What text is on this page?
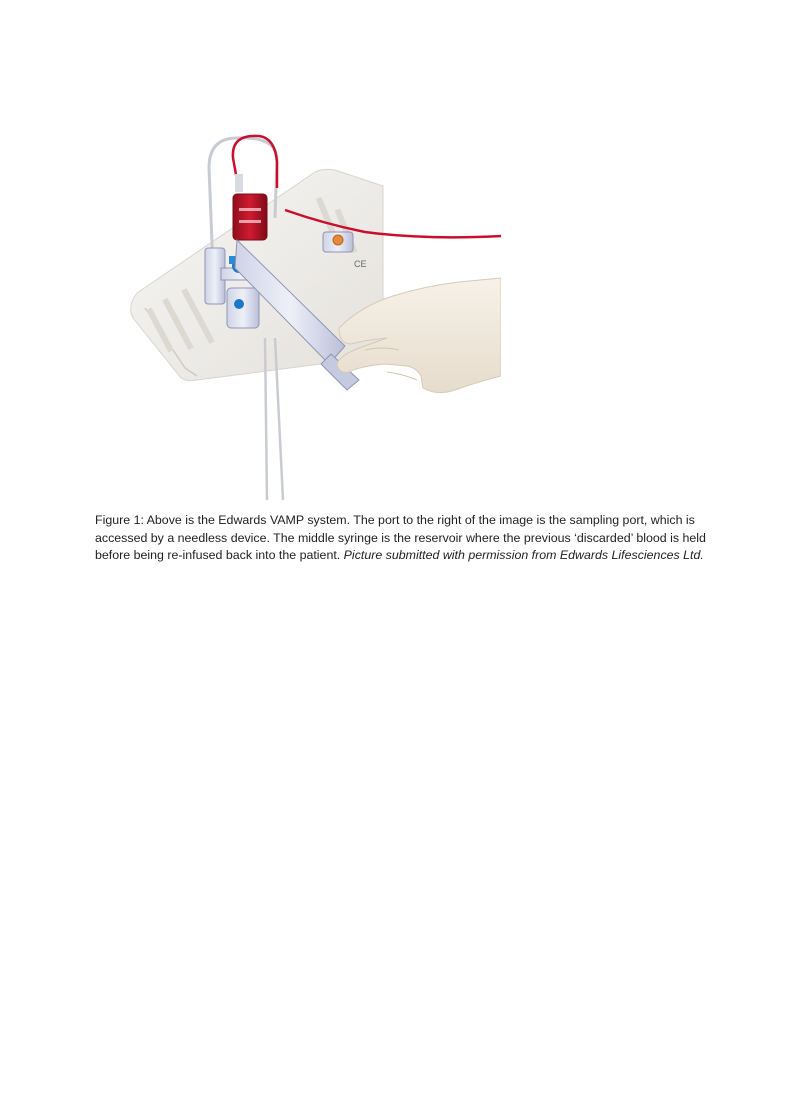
CE

Figure 1: Above is the Edwards VAMP system. The port to the right of the image is the sampling port, which is accessed by a needless device. The middle syringe is the reservoir where the previous ‘discarded’ blood is held before being re-infused back into the patient. Picture submitted with permission from Edwards Lifesciences Ltd.
